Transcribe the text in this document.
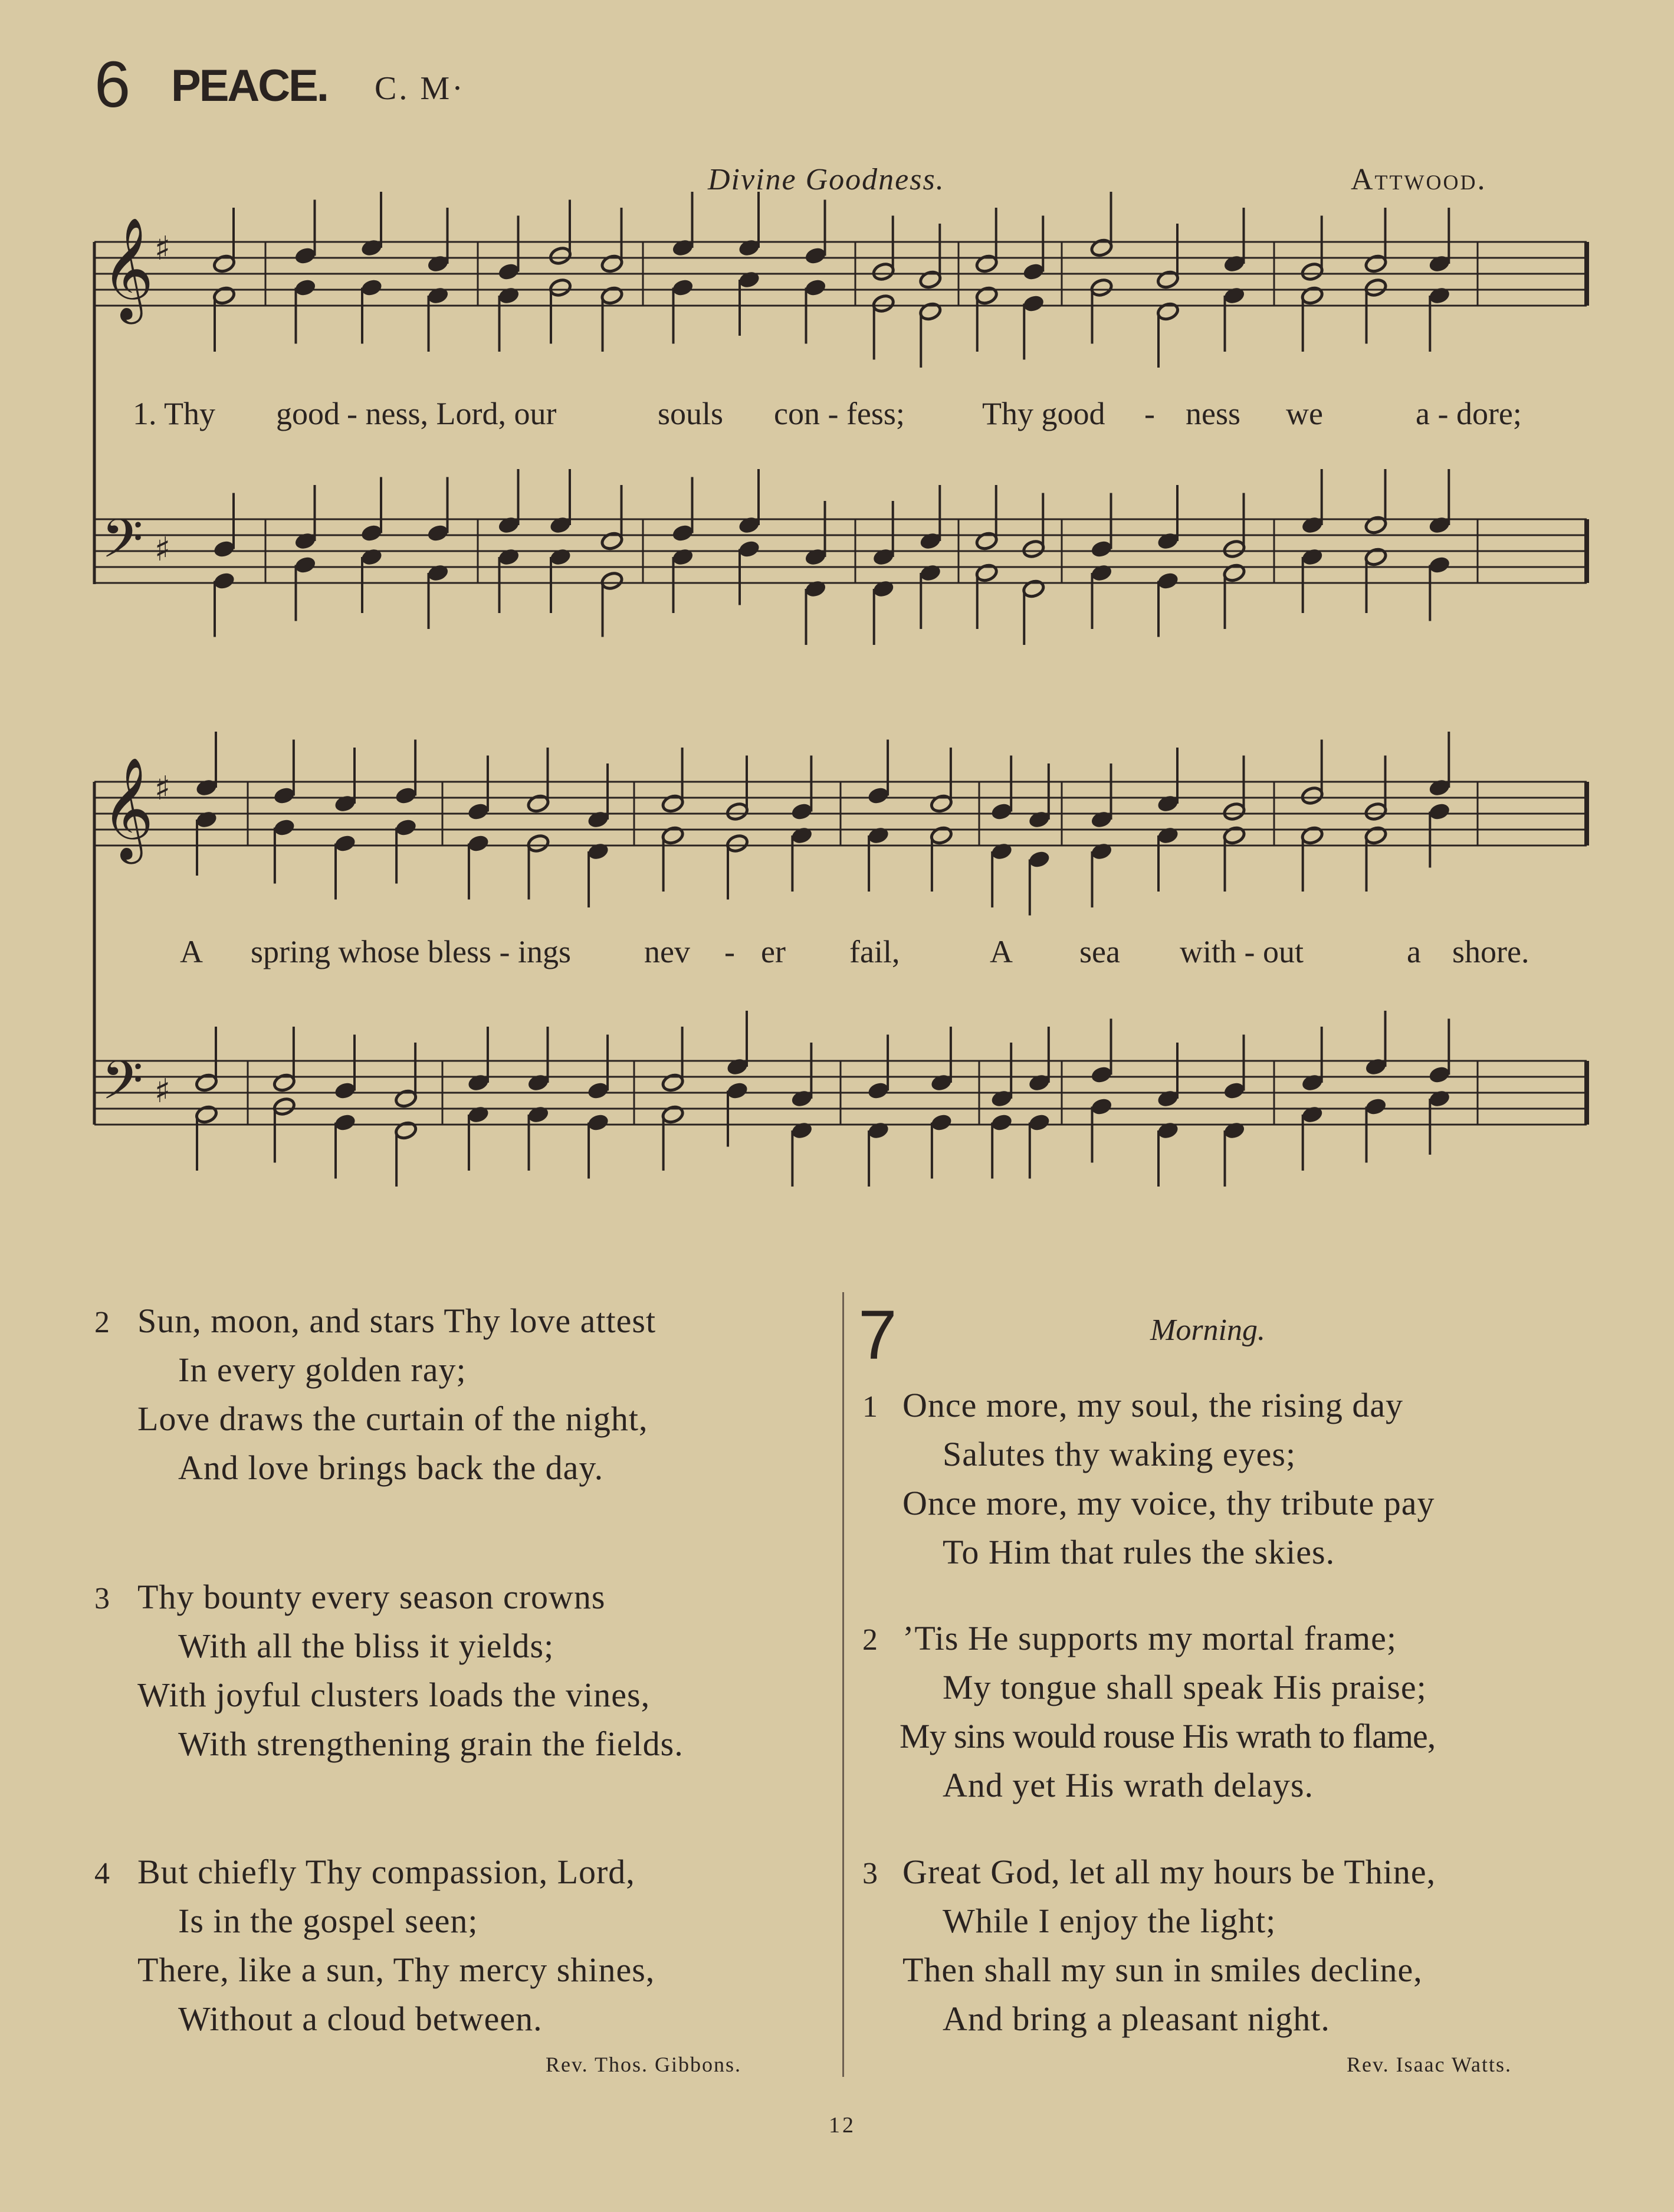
6 PEACE. C. M·
Divine Goodness.	Attwood.
𝄞 ♯
𝄢 ♯
𝄞 ♯
𝄢 ♯
1. Thy good - ness, Lord, our	souls con - fess; Thy good - ness we	a - dore;
A spring whose bless - ings nev - er fail,	A sea with - out	a shore.
2 Sun, moon, and stars Thy love attest
In every golden ray;
Love draws the curtain of the night,
And love brings back the day.
3 Thy bounty every season crowns
With all the bliss it yields;
With joyful clusters loads the vines,
With strengthening grain the fields.
4 But chiefly Thy compassion, Lord,
Is in the gospel seen;
There, like a sun, Thy mercy shines,
Without a cloud between.
Rev. Thos. Gibbons.
7	Morning.
1 Once more, my soul, the rising day
Salutes thy waking eyes;
Once more, my voice, thy tribute pay
To Him that rules the skies.
2 ’Tis He supports my mortal frame;
My tongue shall speak His praise;
My sins would rouse His wrath to flame,
And yet His wrath delays.
3 Great God, let all my hours be Thine,
While I enjoy the light;
Then shall my sun in smiles decline,
And bring a pleasant night.
Rev. Isaac Watts.
12
